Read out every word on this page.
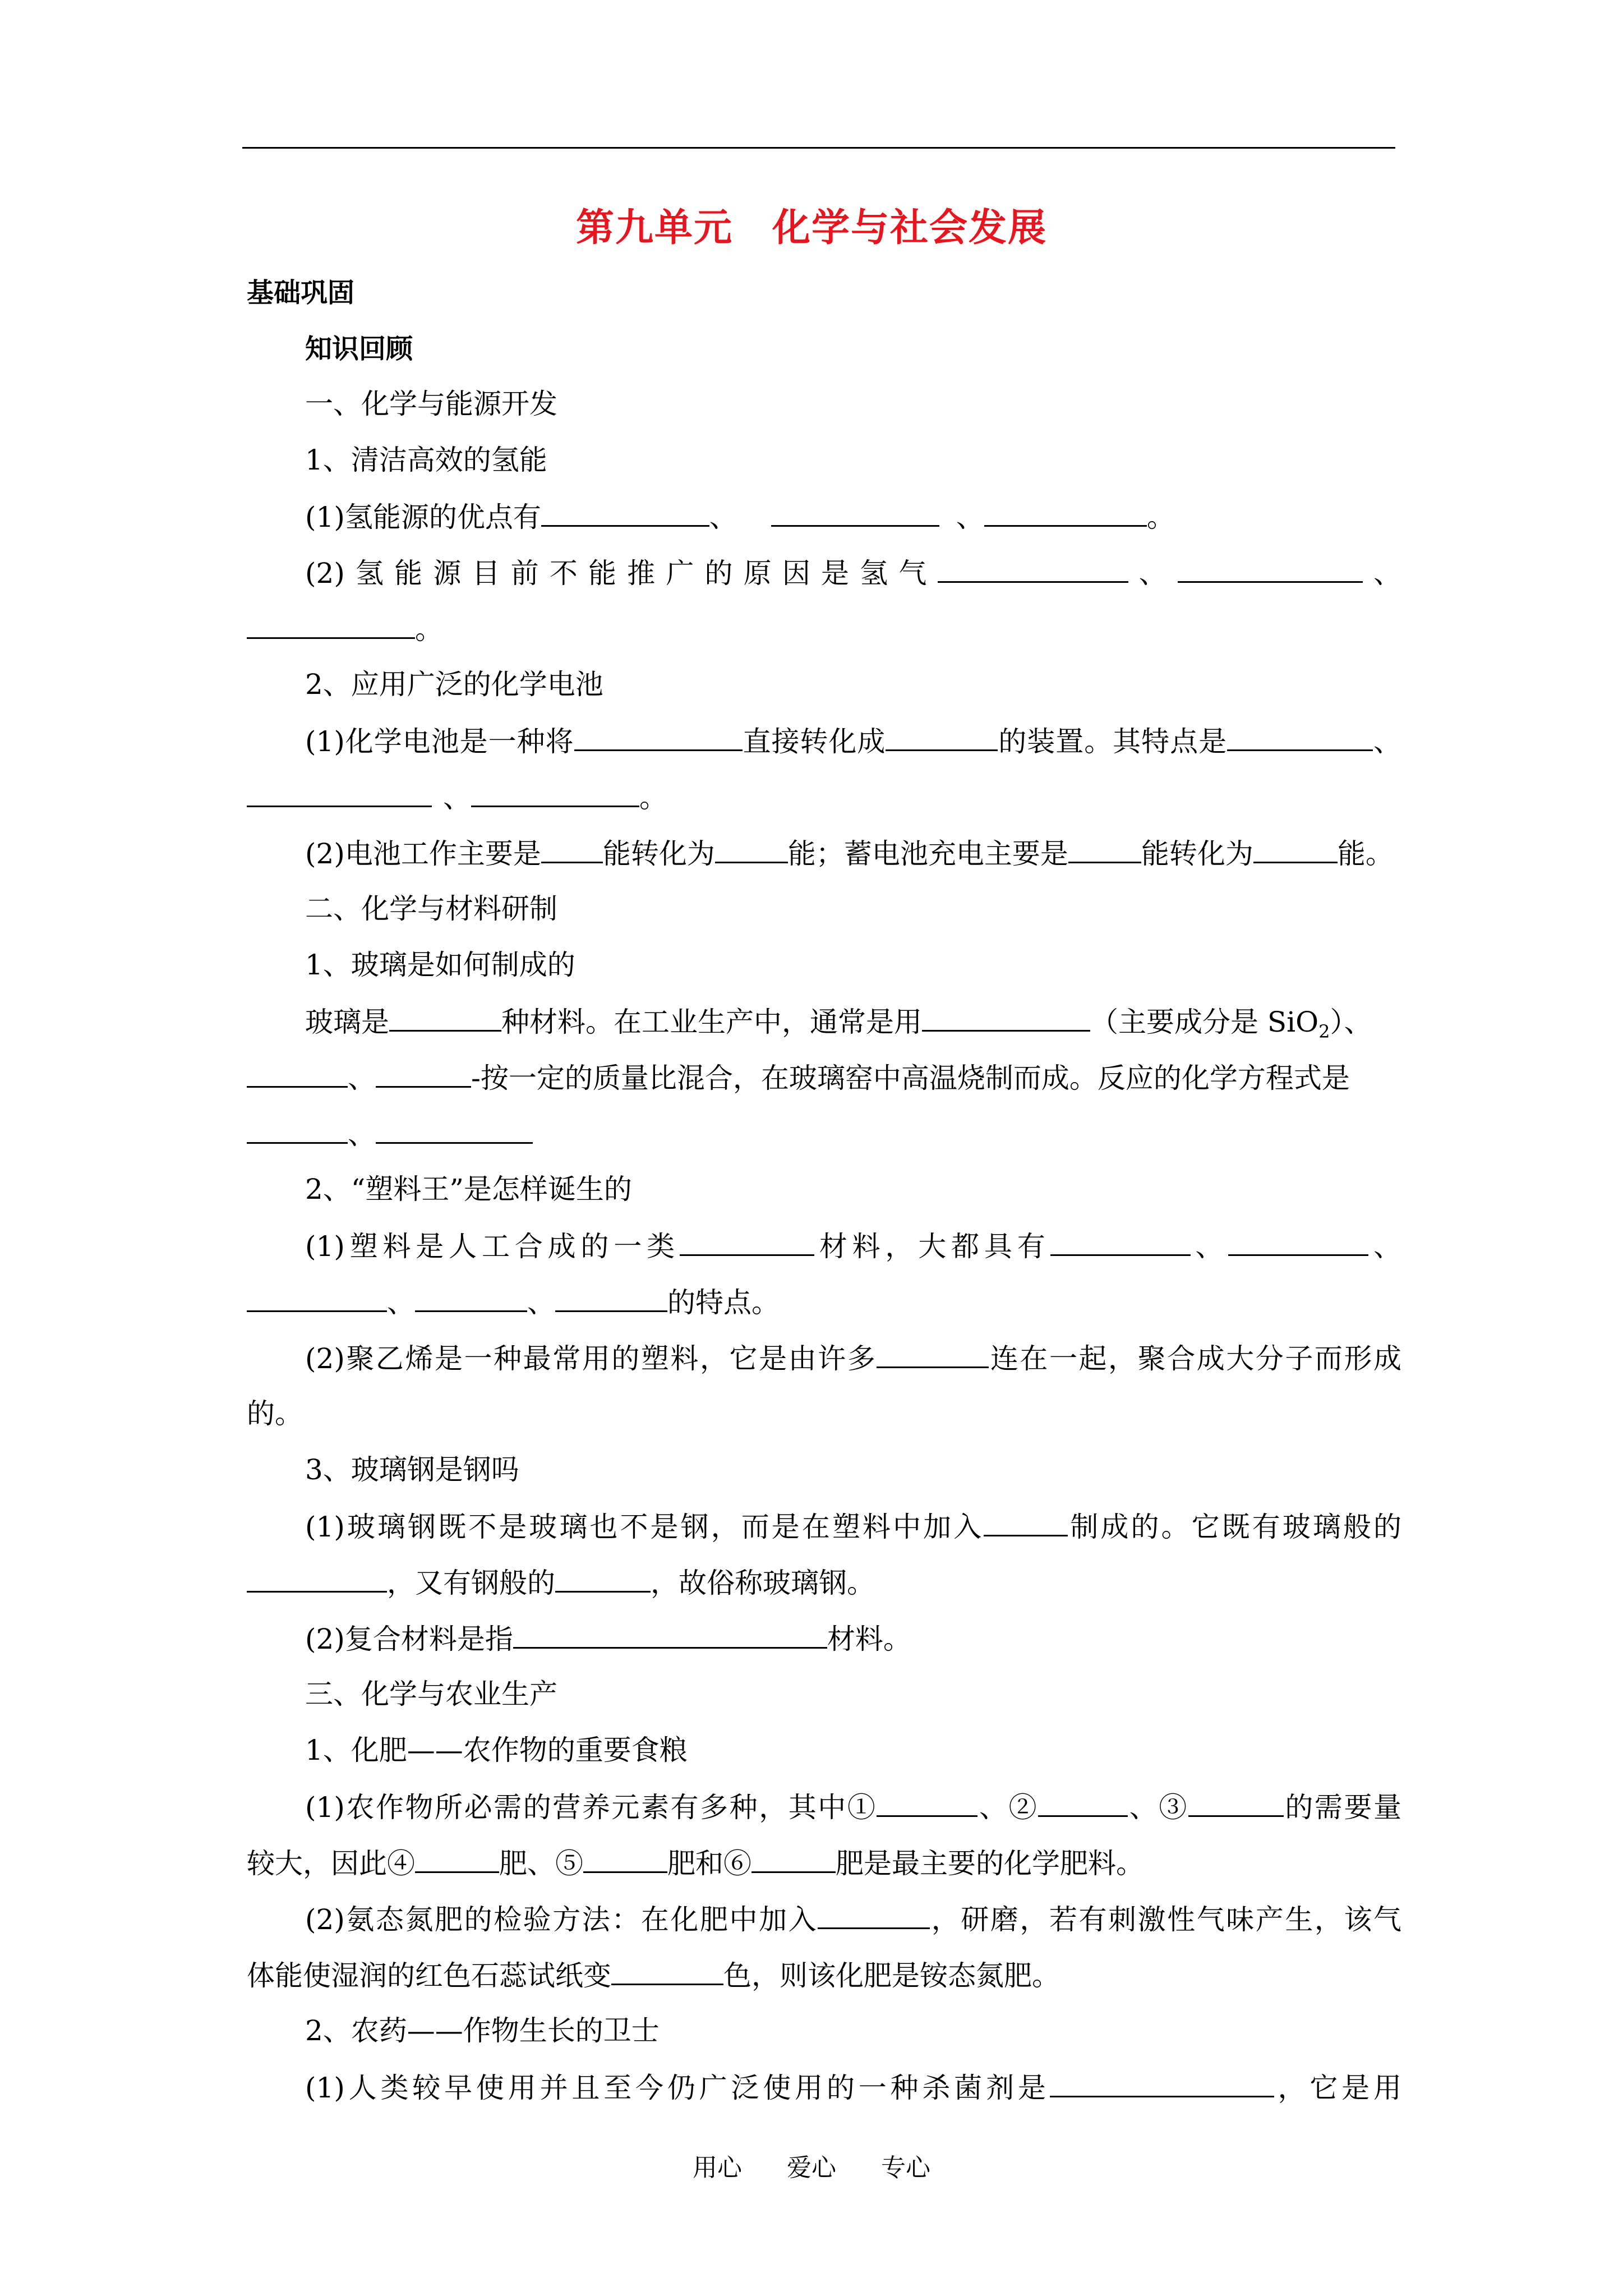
第九单元 化学与社会发展
基础巩固
知识回顾
一、化学与能源开发
1、清洁高效的氢能
(1)氢能源的优点有	、	、	。
(2)氢能源目前不能推广的原因是氢气	、	、
。
2、应用广泛的化学电池
(1)化学电池是一种将	直接转化成	的装置。其特点是	、
、	。
(2)电池工作主要是 能转化为	能；蓄电池充电主要是	能转化为	能。
二、化学与材料研制
1、玻璃是如何制成的
玻璃是	种材料。在工业生产中，通常是用	（主要成分是 SiO$_2$）、
、	-按一定的质量比混合，在玻璃窑中高温烧制而成。反应的化学方程式是
、
2、“塑料王”是怎样诞生的
(1)塑料是人工合成的一类	材料，大都具有	、	、
、	、	的特点。
(2)聚乙烯是一种最常用的塑料，它是由许多	连在一起，聚合成大分子而形成
的。
3、玻璃钢是钢吗
(1)玻璃钢既不是玻璃也不是钢，而是在塑料中加入	制成的。它既有玻璃般的
，又有钢般的	，故俗称玻璃钢。
(2)复合材料是指	材料。
三、化学与农业生产
1、化肥——农作物的重要食粮
(1)农作物所必需的营养元素有多种，其中①	、②	、③	的需要量
较大，因此④	肥、⑤	肥和⑥	肥是最主要的化学肥料。
(2)氨态氮肥的检验方法：在化肥中加入	，研磨，若有刺激性气味产生，该气
体能使湿润的红色石蕊试纸变	色，则该化肥是铵态氮肥。
2、农药——作物生长的卫士
(1)人类较早使用并且至今仍广泛使用的一种杀菌剂是	，它是用
用心 爱心 专心
